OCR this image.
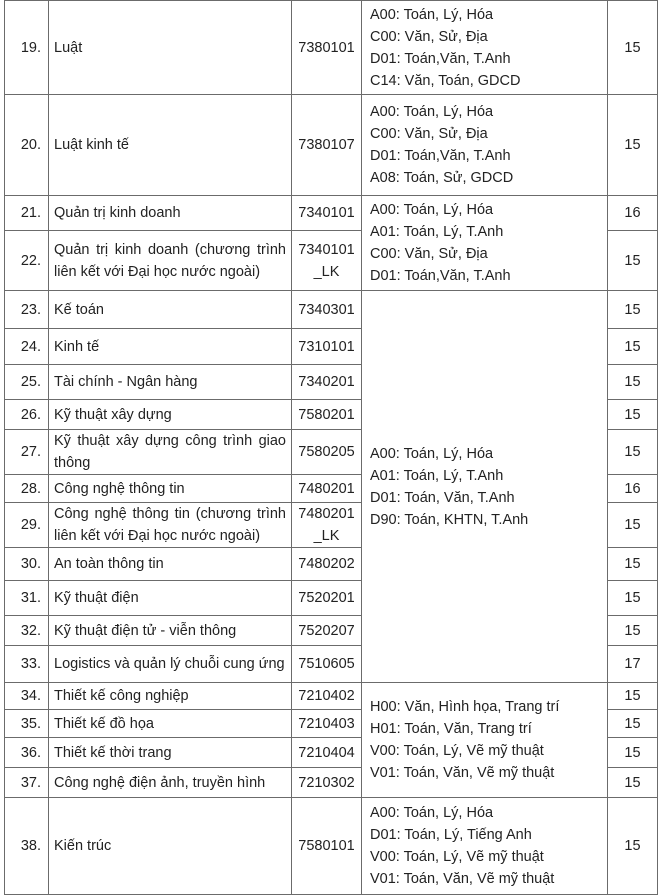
19.	Luật	7380101	A00: Toán, Lý, Hóa
C00: Văn, Sử, Địa
D01: Toán,Văn, T.Anh
C14: Văn, Toán, GDCD	15
20.	Luật kinh tế	7380107	A00: Toán, Lý, Hóa
C00: Văn, Sử, Địa
D01: Toán,Văn, T.Anh
A08: Toán, Sử, GDCD	15
21.	Quản trị kinh doanh	7340101	A00: Toán, Lý, Hóa
A01: Toán, Lý, T.Anh
C00: Văn, Sử, Địa
D01: Toán,Văn, T.Anh	16
22.	Quản trị kinh doanh (chương trình liên kết với Đại học nước ngoài)	7340101 _LK		15
23.	Kế toán	7340301	A00: Toán, Lý, Hóa
A01: Toán, Lý, T.Anh
D01: Toán, Văn, T.Anh
D90: Toán, KHTN, T.Anh	15
24.	Kinh tế	7310101		15
25.	Tài chính - Ngân hàng	7340201		15
26.	Kỹ thuật xây dựng	7580201		15
27.	Kỹ thuật xây dựng công trình giao thông	7580205		15
28.	Công nghệ thông tin	7480201		16
29.	Công nghệ thông tin (chương trình liên kết với Đại học nước ngoài)	7480201 _LK		15
30.	An toàn thông tin	7480202		15
31.	Kỹ thuật điện	7520201		15
32.	Kỹ thuật điện tử - viễn thông	7520207		15
33.	Logistics và quản lý chuỗi cung ứng	7510605		17
34.	Thiết kế công nghiệp	7210402	H00: Văn, Hình họa, Trang trí
H01: Toán, Văn, Trang trí
V00: Toán, Lý, Vẽ mỹ thuật
V01: Toán, Văn, Vẽ mỹ thuật	15
35.	Thiết kế đồ họa	7210403		15
36.	Thiết kế thời trang	7210404		15
37.	Công nghệ điện ảnh, truyền hình	7210302		15
38.	Kiến trúc	7580101	A00: Toán, Lý, Hóa
D01: Toán, Lý, Tiếng Anh
V00: Toán, Lý, Vẽ mỹ thuật
V01: Toán, Văn, Vẽ mỹ thuật	15
